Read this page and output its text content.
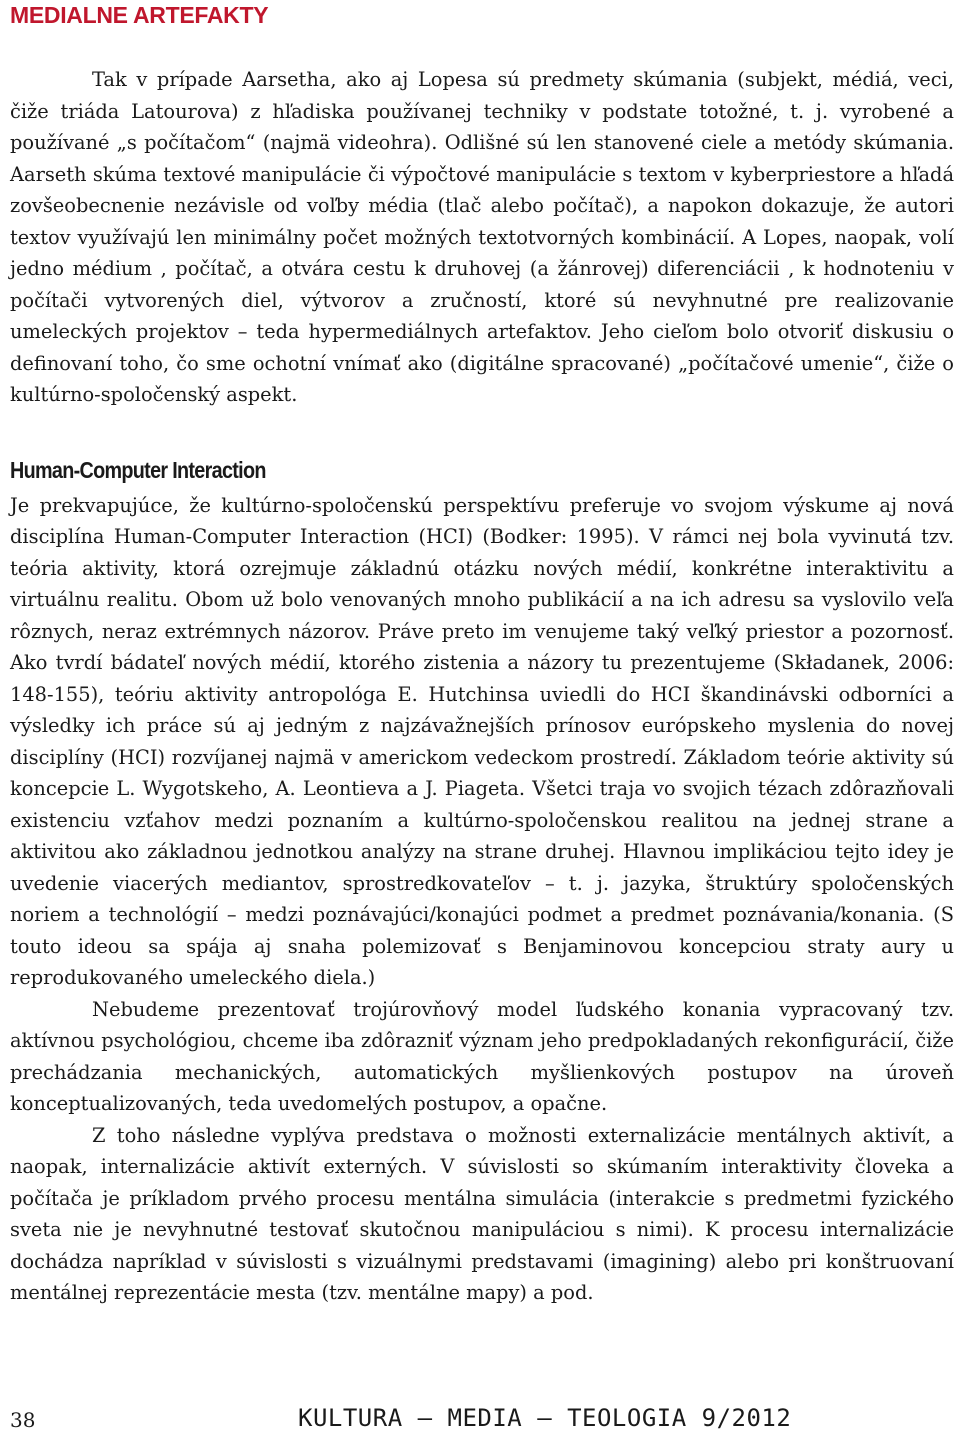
MEDIALNE ARTEFAKTY

Tak v prípade Aarsetha, ako aj Lopesa sú predmety skúmania (subjekt, médiá, veci, čiže triáda Latourova) z hľadiska používanej techniky v podstate totožné, t. j. vyrobené a používané „s počítačom“ (najmä videohra). Odlišné sú len stanovené ciele a metódy skúmania. Aarseth skúma textové manipulácie či výpočtové manipulácie s textom v kyberpriestore a hľadá zovšeobecnenie nezávisle od voľby média (tlač alebo počítač), a napokon dokazuje, že autori textov využívajú len minimálny počet možných textotvorných kombinácií. A Lopes, naopak, volí jedno médium , počítač, a otvára cestu k druhovej (a žánrovej) diferenciácii , k hodnoteniu v počítači vytvorených diel, výtvorov a zručností, ktoré sú nevyhnutné pre realizovanie umeleckých projektov – teda hypermediálnych artefaktov. Jeho cieľom bolo otvoriť diskusiu o definovaní toho, čo sme ochotní vnímať ako (digitálne spracované) „počítačové umenie“, čiže o kultúrno-spoločenský aspekt.

Human-Computer Interaction

Je prekvapujúce, že kultúrno-spoločenskú perspektívu preferuje vo svojom výskume aj nová disciplína Human-Computer Interaction (HCI) (Bodker: 1995). V rámci nej bola vyvinutá tzv. teória aktivity, ktorá ozrejmuje základnú otázku nových médií, konkrétne interaktivitu a virtuálnu realitu. Obom už bolo venovaných mnoho publikácií a na ich adresu sa vyslovilo veľa rôznych, neraz extrémnych názorov. Práve preto im venujeme taký veľký priestor a pozornosť. Ako tvrdí bádateľ nových médií, ktorého zistenia a názory tu prezentujeme (Składanek, 2006: 148-155), teóriu aktivity antropológa E. Hutchinsa uviedli do HCI škandinávski odborníci a výsledky ich práce sú aj jedným z najzávažnejších prínosov európskeho myslenia do novej disciplíny (HCI) rozvíjanej najmä v americkom vedeckom prostredí. Základom teórie aktivity sú koncepcie L. Wygotskeho, A. Leontieva a J. Piageta. Všetci traja vo svojich tézach zdôrazňovali existenciu vzťahov medzi poznaním a kultúrno-spoločenskou realitou na jednej strane a aktivitou ako základnou jednotkou analýzy na strane druhej. Hlavnou implikáciou tejto idey je uvedenie viacerých mediantov, sprostredkovateľov – t. j. jazyka, štruktúry spoločenských noriem a technológií – medzi poznávajúci/konajúci podmet a predmet poznávania/konania. (S touto ideou sa spája aj snaha polemizovať s Benjaminovou koncepciou straty aury u reprodukovaného umeleckého diela.)

Nebudeme prezentovať trojúrovňový model ľudského konania vypracovaný tzv. aktívnou psychológiou, chceme iba zdôrazniť význam jeho predpokladaných rekonfigurácií, čiže prechádzania mechanických, automatických myšlienkových postupov na úroveň konceptualizovaných, teda uvedomelých postupov, a opačne.

Z toho následne vyplýva predstava o možnosti externalizácie mentálnych aktivít, a naopak, internalizácie aktivít externých. V súvislosti so skúmaním interaktivity človeka a počítača je príkladom prvého procesu mentálna simulácia (interakcie s predmetmi fyzického sveta nie je nevyhnutné testovať skutočnou manipuláciou s nimi). K procesu internalizácie dochádza napríklad v súvislosti s vizuálnymi predstavami (imagining) alebo pri konštruovaní mentálnej reprezentácie mesta (tzv. mentálne mapy) a pod.

38	KULTURA – MEDIA – TEOLOGIA 9/2012
